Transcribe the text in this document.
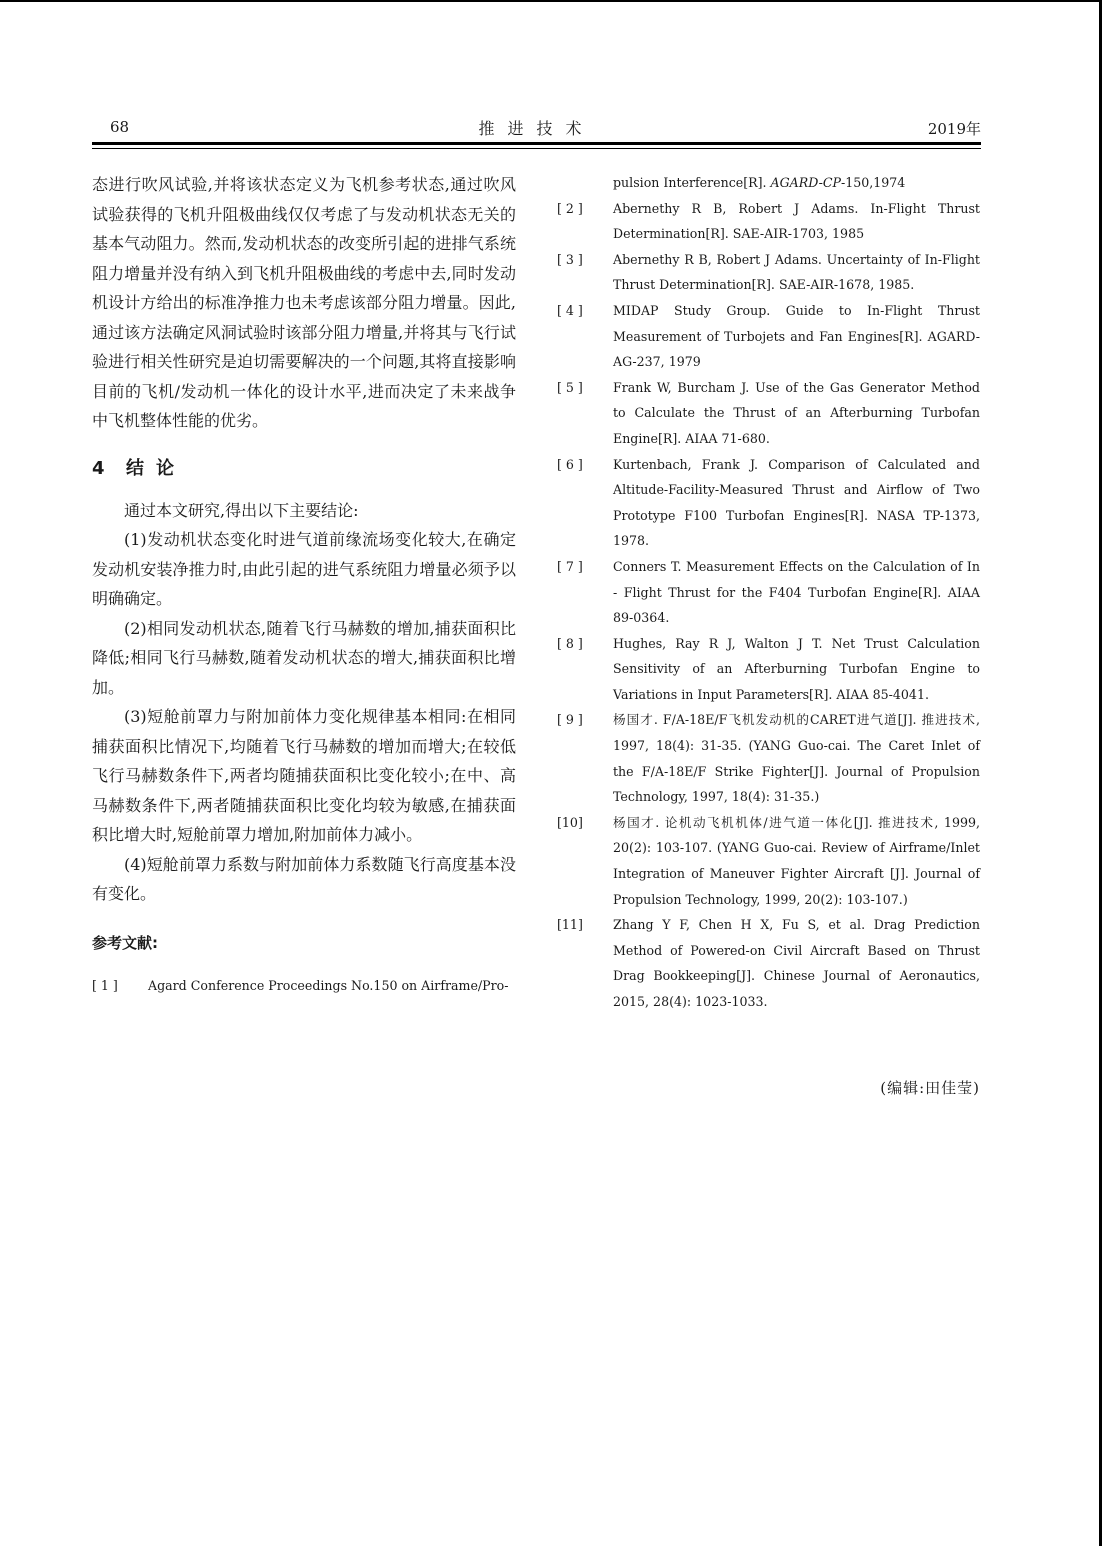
68	推进技术	2019年

态进行吹风试验,并将该状态定义为飞机参考状态,通过吹风试验获得的飞机升阻极曲线仅仅考虑了与发动机状态无关的基本气动阻力。然而,发动机状态的改变所引起的进排气系统阻力增量并没有纳入到飞机升阻极曲线的考虑中去,同时发动机设计方给出的标准净推力也未考虑该部分阻力增量。因此,通过该方法确定风洞试验时该部分阻力增量,并将其与飞行试验进行相关性研究是迫切需要解决的一个问题,其将直接影响目前的飞机/发动机一体化的设计水平,进而决定了未来战争中飞机整体性能的优劣。

4 结论

通过本文研究,得出以下主要结论:

(1)发动机状态变化时进气道前缘流场变化较大,在确定发动机安装净推力时,由此引起的进气系统阻力增量必须予以明确确定。

(2)相同发动机状态,随着飞行马赫数的增加,捕获面积比降低;相同飞行马赫数,随着发动机状态的增大,捕获面积比增加。

(3)短舱前罩力与附加前体力变化规律基本相同:在相同捕获面积比情况下,均随着飞行马赫数的增加而增大;在较低飞行马赫数条件下,两者均随捕获面积比变化较小;在中、高马赫数条件下,两者随捕获面积比变化均较为敏感,在捕获面积比增大时,短舱前罩力增加,附加前体力减小。

(4)短舱前罩力系数与附加前体力系数随飞行高度基本没有变化。

参考文献:
[ 1 ] Agard Conference Proceedings No.150 on Airframe/Pro-
pulsion Interference[R]. AGARD-CP-150,1974
[ 2 ] Abernethy R B, Robert J Adams. In-Flight Thrust Determination[R]. SAE-AIR-1703, 1985
[ 3 ] Abernethy R B, Robert J Adams. Uncertainty of In-Flight Thrust Determination[R]. SAE-AIR-1678, 1985.
[ 4 ] MIDAP Study Group. Guide to In-Flight Thrust Measurement of Turbojets and Fan Engines[R]. AGARD-AG-237, 1979
[ 5 ] Frank W, Burcham J. Use of the Gas Generator Method to Calculate the Thrust of an Afterburning Turbofan Engine[R]. AIAA 71-680.
[ 6 ] Kurtenbach, Frank J. Comparison of Calculated and Altitude-Facility-Measured Thrust and Airflow of Two Prototype F100 Turbofan Engines[R]. NASA TP-1373, 1978.
[ 7 ] Conners T. Measurement Effects on the Calculation of In - Flight Thrust for the F404 Turbofan Engine[R]. AIAA 89-0364.
[ 8 ] Hughes, Ray R J, Walton J T. Net Trust Calculation Sensitivity of an Afterburning Turbofan Engine to Variations in Input Parameters[R]. AIAA 85-4041.
[ 9 ] 杨国才. F/A-18E/F飞机发动机的CARET进气道[J]. 推进技术, 1997, 18(4): 31-35. (YANG Guo-cai. The Caret Inlet of the F/A-18E/F Strike Fighter[J]. Journal of Propulsion Technology, 1997, 18(4): 31-35.)
[10] 杨国才. 论机动飞机机体/进气道一体化[J]. 推进技术, 1999, 20(2): 103-107. (YANG Guo-cai. Review of Airframe/Inlet Integration of Maneuver Fighter Aircraft [J]. Journal of Propulsion Technology, 1999, 20(2): 103-107.)
[11] Zhang Y F, Chen H X, Fu S, et al. Drag Prediction Method of Powered-on Civil Aircraft Based on Thrust Drag Bookkeeping[J]. Chinese Journal of Aeronautics, 2015, 28(4): 1023-1033.
(编辑:田佳莹)
